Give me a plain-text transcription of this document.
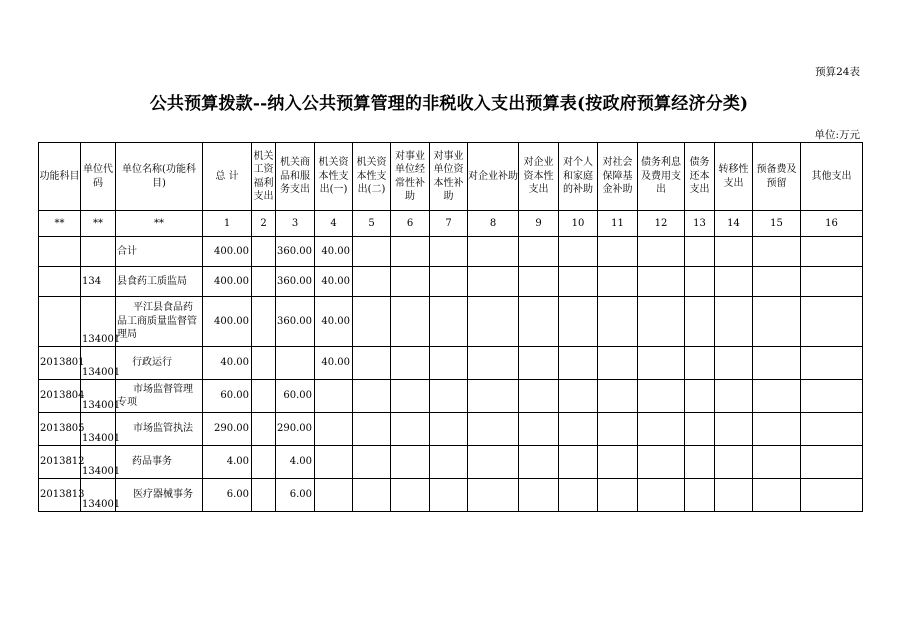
预算24表
公共预算拨款--纳入公共预算管理的非税收入支出预算表(按政府预算经济分类)
单位:万元
功能科目	单位代码	单位名称(功能科目)	总 计	机关工资福利支出	机关商品和服务支出	机关资本性支出(一)	机关资本性支出(二)	对事业单位经常性补助	对事业单位资本性补助	对企业补助	对企业资本性支出	对个人和家庭的补助	对社会保障基金补助	债务利息及费用支出	债务还本支出	转移性支出	预备费及预留	其他支出
**	**	**	1	2	3	4	5	6	7	8	9	10	11	12	13	14	15	16
		合计	400.00		360.00	40.00												
	134	县食药工质监局	400.00		360.00	40.00												
	134001	平江县食品药品工商质量监督管理局	400.00		360.00	40.00												
2013801	134001	行政运行	40.00			40.00												
2013804	134001	市场监督管理专项	60.00		60.00													
2013805	134001	市场监管执法	290.00		290.00													
2013812	134001	药品事务	4.00		4.00													
2013813	134001	医疗器械事务	6.00		6.00													
